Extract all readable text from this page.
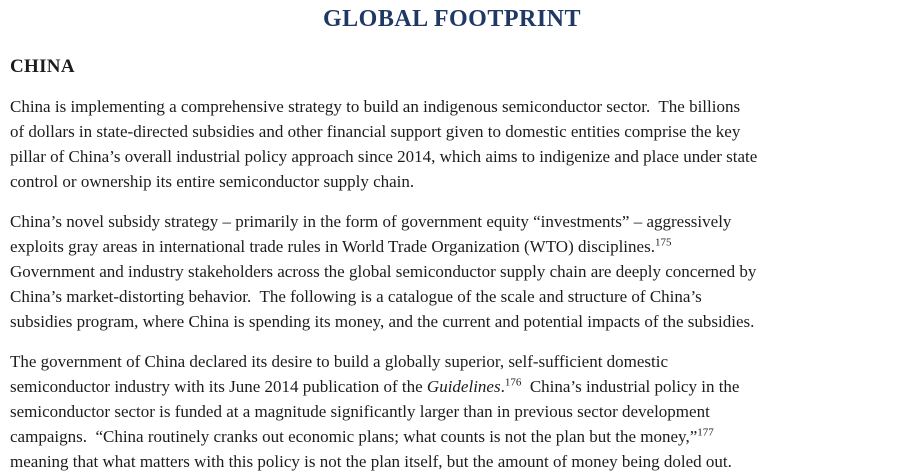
GLOBAL FOOTPRINT
CHINA

China is implementing a comprehensive strategy to build an indigenous semiconductor sector.  The billions
of dollars in state-directed subsidies and other financial support given to domestic entities comprise the key
pillar of China’s overall industrial policy approach since 2014, which aims to indigenize and place under state
control or ownership its entire semiconductor supply chain.

China’s novel subsidy strategy – primarily in the form of government equity “investments” – aggressively
exploits gray areas in international trade rules in World Trade Organization (WTO) disciplines.$^{175}$
Government and industry stakeholders across the global semiconductor supply chain are deeply concerned by
China’s market-distorting behavior.  The following is a catalogue of the scale and structure of China’s
subsidies program, where China is spending its money, and the current and potential impacts of the subsidies.

The government of China declared its desire to build a globally superior, self-sufficient domestic
semiconductor industry with its June 2014 publication of the Guidelines.$^{176}$  China’s industrial policy in the
semiconductor sector is funded at a magnitude significantly larger than in previous sector development
campaigns.  “China routinely cranks out economic plans; what counts is not the plan but the money,”$^{177}$
meaning that what matters with this policy is not the plan itself, but the amount of money being doled out.
